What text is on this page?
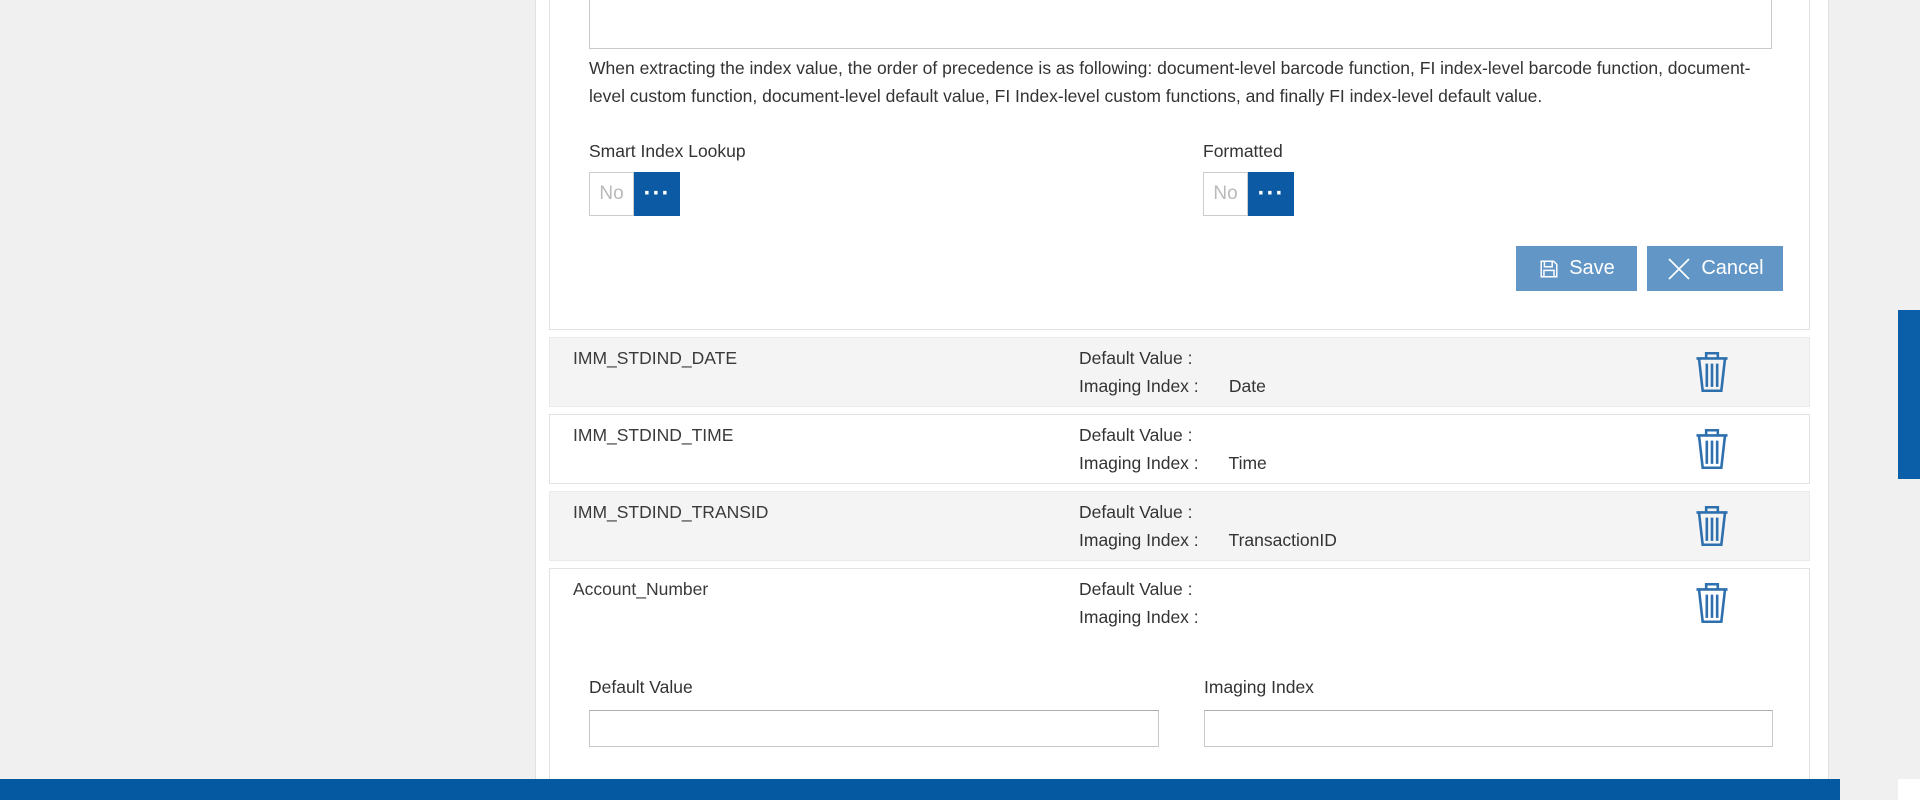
When extracting the index value, the order of precedence is as following: document-level barcode function, FI index-level barcode function, document-level custom function, document-level default value, FI Index-level custom functions, and finally FI index-level default value.
Smart Index Lookup	Formatted
No
···
No	···
Save	Cancel
IMM_STDIND_DATE	Default Value :
Imaging Index : Date
IMM_STDIND_TIME	Default Value :
Imaging Index : Time
IMM_STDIND_TRANSID	Default Value :
Imaging Index : TransactionID
Account_Number	Default Value :
Imaging Index :
Default Value	Imaging Index
